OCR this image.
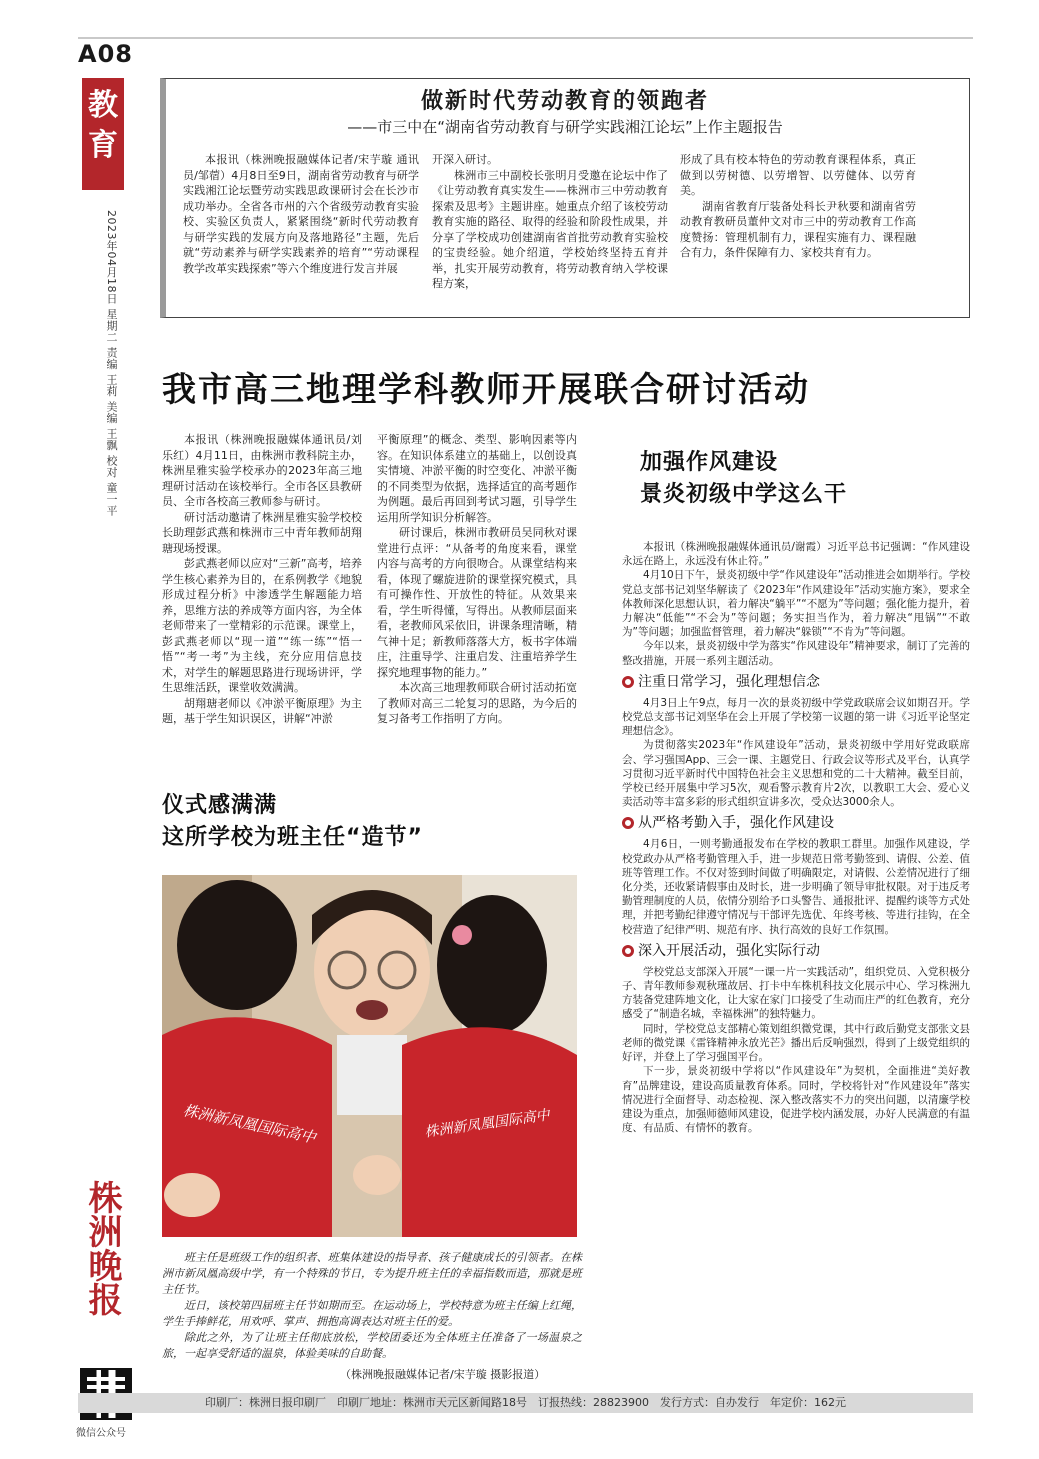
A08
教育
2023年04月18日 星期二 责编 王莉 美编 王飘 校对 童一平
株洲晚报
微信公众号
做新时代劳动教育的领跑者
——市三中在“湖南省劳动教育与研学实践湘江论坛”上作主题报告

本报讯（株洲晚报融媒体记者/宋芋璇 通讯员/邹蓿）4月8日至9日，湖南省劳动教育与研学实践湘江论坛暨劳动实践思政课研讨会在长沙市成功举办。全省各市州的六个省级劳动教育实验校、实验区负责人，紧紧围绕“新时代劳动教育与研学实践的发展方向及落地路径”主题，先后就“劳动素养与研学实践素养的培育”“劳动课程教学改革实践探索”等六个维度进行发言并展

开深入研讨。

株洲市三中副校长张明月受邀在论坛中作了《让劳动教育真实发生——株洲市三中劳动教育探索及思考》主题讲座。她重点介绍了该校劳动教育实施的路径、取得的经验和阶段性成果，并分享了学校成功创建湖南省首批劳动教育实验校的宝贵经验。她介绍道，学校始终坚持五育并举，扎实开展劳动教育，将劳动教育纳入学校课程方案，

形成了具有校本特色的劳动教育课程体系，真正做到以劳树德、以劳增智、以劳健体、以劳育美。

湖南省教育厅装备处科长尹秋要和湖南省劳动教育教研员董仲文对市三中的劳动教育工作高度赞扬：管理机制有力，课程实施有力、课程融合有力，条件保障有力、家校共育有力。

我市高三地理学科教师开展联合研讨活动

本报讯（株洲晚报融媒体通讯员/刘乐红）4月11日，由株洲市教科院主办，株洲星雅实验学校承办的2023年高三地理研讨活动在该校举行。全市各区县教研员、全市各校高三教师参与研讨。

研讨活动邀请了株洲星雅实验学校校长助理彭武燕和株洲市三中青年教师胡翔瑭现场授课。

彭武燕老师以应对“三新”高考，培养学生核心素养为目的，在系例教学《地貌形成过程分析》中渗透学生解题能力培养，思维方法的养成等方面内容，为全体老师带来了一堂精彩的示范课。课堂上，彭武燕老师以“现一道”“练一练”“悟一悟”“考一考”为主线，充分应用信息技术，对学生的解题思路进行现场讲评，学生思维活跃，课堂收效满满。

胡翔瑭老师以《冲淤平衡原理》为主题，基于学生知识误区，讲解“冲淤

平衡原理”的概念、类型、影响因素等内容。在知识体系建立的基础上，以创设真实情境、冲淤平衡的时空变化、冲淤平衡的不同类型为依据，选择适宜的高考题作为例题。最后再回到考试习题，引导学生运用所学知识分析解答。

研讨课后，株洲市教研员吴同秋对课堂进行点评：“从备考的角度来看，课堂内容与高考的方向很吻合。从课堂结构来看，体现了螺旋进阶的课堂探究模式，具有可操作性、开放性的特征。从效果来看，学生听得懂，写得出。从教师层面来看，老教师风采依旧，讲课条理清晰，精气神十足；新教师落落大方，板书字体端庄，注重导学、注重启发、注重培养学生探究地理事物的能力。”

本次高三地理教师联合研讨活动拓宽了教师对高三二轮复习的思路，为今后的复习备考工作指明了方向。

加强作风建设
景炎初级中学这么干

本报讯（株洲晚报融媒体通讯员/谢霞）习近平总书记强调：“作风建设永远在路上，永远没有休止符。”

4月10日下午，景炎初级中学“作风建设年”活动推进会如期举行。学校党总支部书记刘坚华解读了《2023年“作风建设年”活动实施方案》，要求全体教师深化思想认识，着力解决“躺平”“不愿为”等问题；强化能力提升，着力解决“低能”“不会为”等问题；务实担当作为，着力解决“甩锅”“不敢为”等问题；加强监督管理，着力解决“躲锁”“不肯为”等问题。

今年以来，景炎初级中学为落实“作风建设年”精神要求，制订了完善的整改措施，开展一系列主题活动。

注重日常学习，强化理想信念

4月3日上午9点，每月一次的景炎初级中学党政联席会议如期召开。学校党总支部书记刘坚华在会上开展了学校第一议题的第一讲《习近平论坚定理想信念》。

为贯彻落实2023年“作风建设年”活动，景炎初级中学用好党政联席会、学习强国App、三会一课、主题党日、行政会议等形式及平台，认真学习贯彻习近平新时代中国特色社会主义思想和党的二十大精神。截至目前，学校已经开展集中学习5次，观看警示教育片2次，以教职工大会、爱心义卖活动等丰富多彩的形式组织宣讲多次，受众达3000余人。

从严格考勤入手，强化作风建设

4月6日，一则考勤通报发布在学校的教职工群里。加强作风建设，学校党政办从严格考勤管理入手，进一步规范日常考勤签到、请假、公差、值班等管理工作。不仅对签到时间做了明确限定，对请假、公差情况进行了细化分类，还收紧请假事由及时长，进一步明确了领导审批权限。对于违反考勤管理制度的人员，依情分别给予口头警告、通报批评、提醒约谈等方式处理，并把考勤纪律遵守情况与干部评先选优、年终考核、等进行挂钩，在全校营造了纪律严明、规范有序、执行高效的良好工作氛围。

深入开展活动，强化实际行动

学校党总支部深入开展“一课一片一实践活动”，组织党员、入党积极分子、青年教师参观秋瑾故居、打卡中车株机科技文化展示中心、学习株洲九方装备党建阵地文化，让大家在家门口接受了生动而庄严的红色教育，充分感受了“制造名城，幸福株洲”的独特魅力。

同时，学校党总支部精心策划组织微党课，其中行政后勤党支部张文县老师的微党课《雷锋精神永放光芒》播出后反响强烈，得到了上级党组织的好评，并登上了学习强国平台。

下一步，景炎初级中学将以“作风建设年”为契机，全面推进“美好教育”品牌建设，建设高质量教育体系。同时，学校将针对“作风建设年”落实情况进行全面督导、动态检视、深入整改落实不力的突出问题，以清廉学校建设为重点，加强师德师风建设，促进学校内涵发展，办好人民满意的有温度、有品质、有情怀的教育。

仪式感满满
这所学校为班主任“造节”
株洲新凤凰国际高中	株洲新凤凰国际高中

班主任是班级工作的组织者、班集体建设的指导者、孩子健康成长的引领者。在株洲市新凤凰高级中学，有一个特殊的节日，专为提升班主任的幸福指数而造，那就是班主任节。

近日，该校第四届班主任节如期而至。在运动场上，学校特意为班主任编上红绳，学生手捧鲜花，用欢呼、掌声、拥抱高调表达对班主任的爱。

除此之外，为了让班主任彻底放松，学校团委还为全体班主任准备了一场温泉之旅，一起享受舒适的温泉，体验美味的自助餐。

（株洲晚报融媒体记者/宋芋璇 摄影报道）
印刷厂：株洲日报印刷厂　印刷厂地址：株洲市天元区新闻路18号　订报热线：28823900　发行方式：自办发行　年定价：162元
